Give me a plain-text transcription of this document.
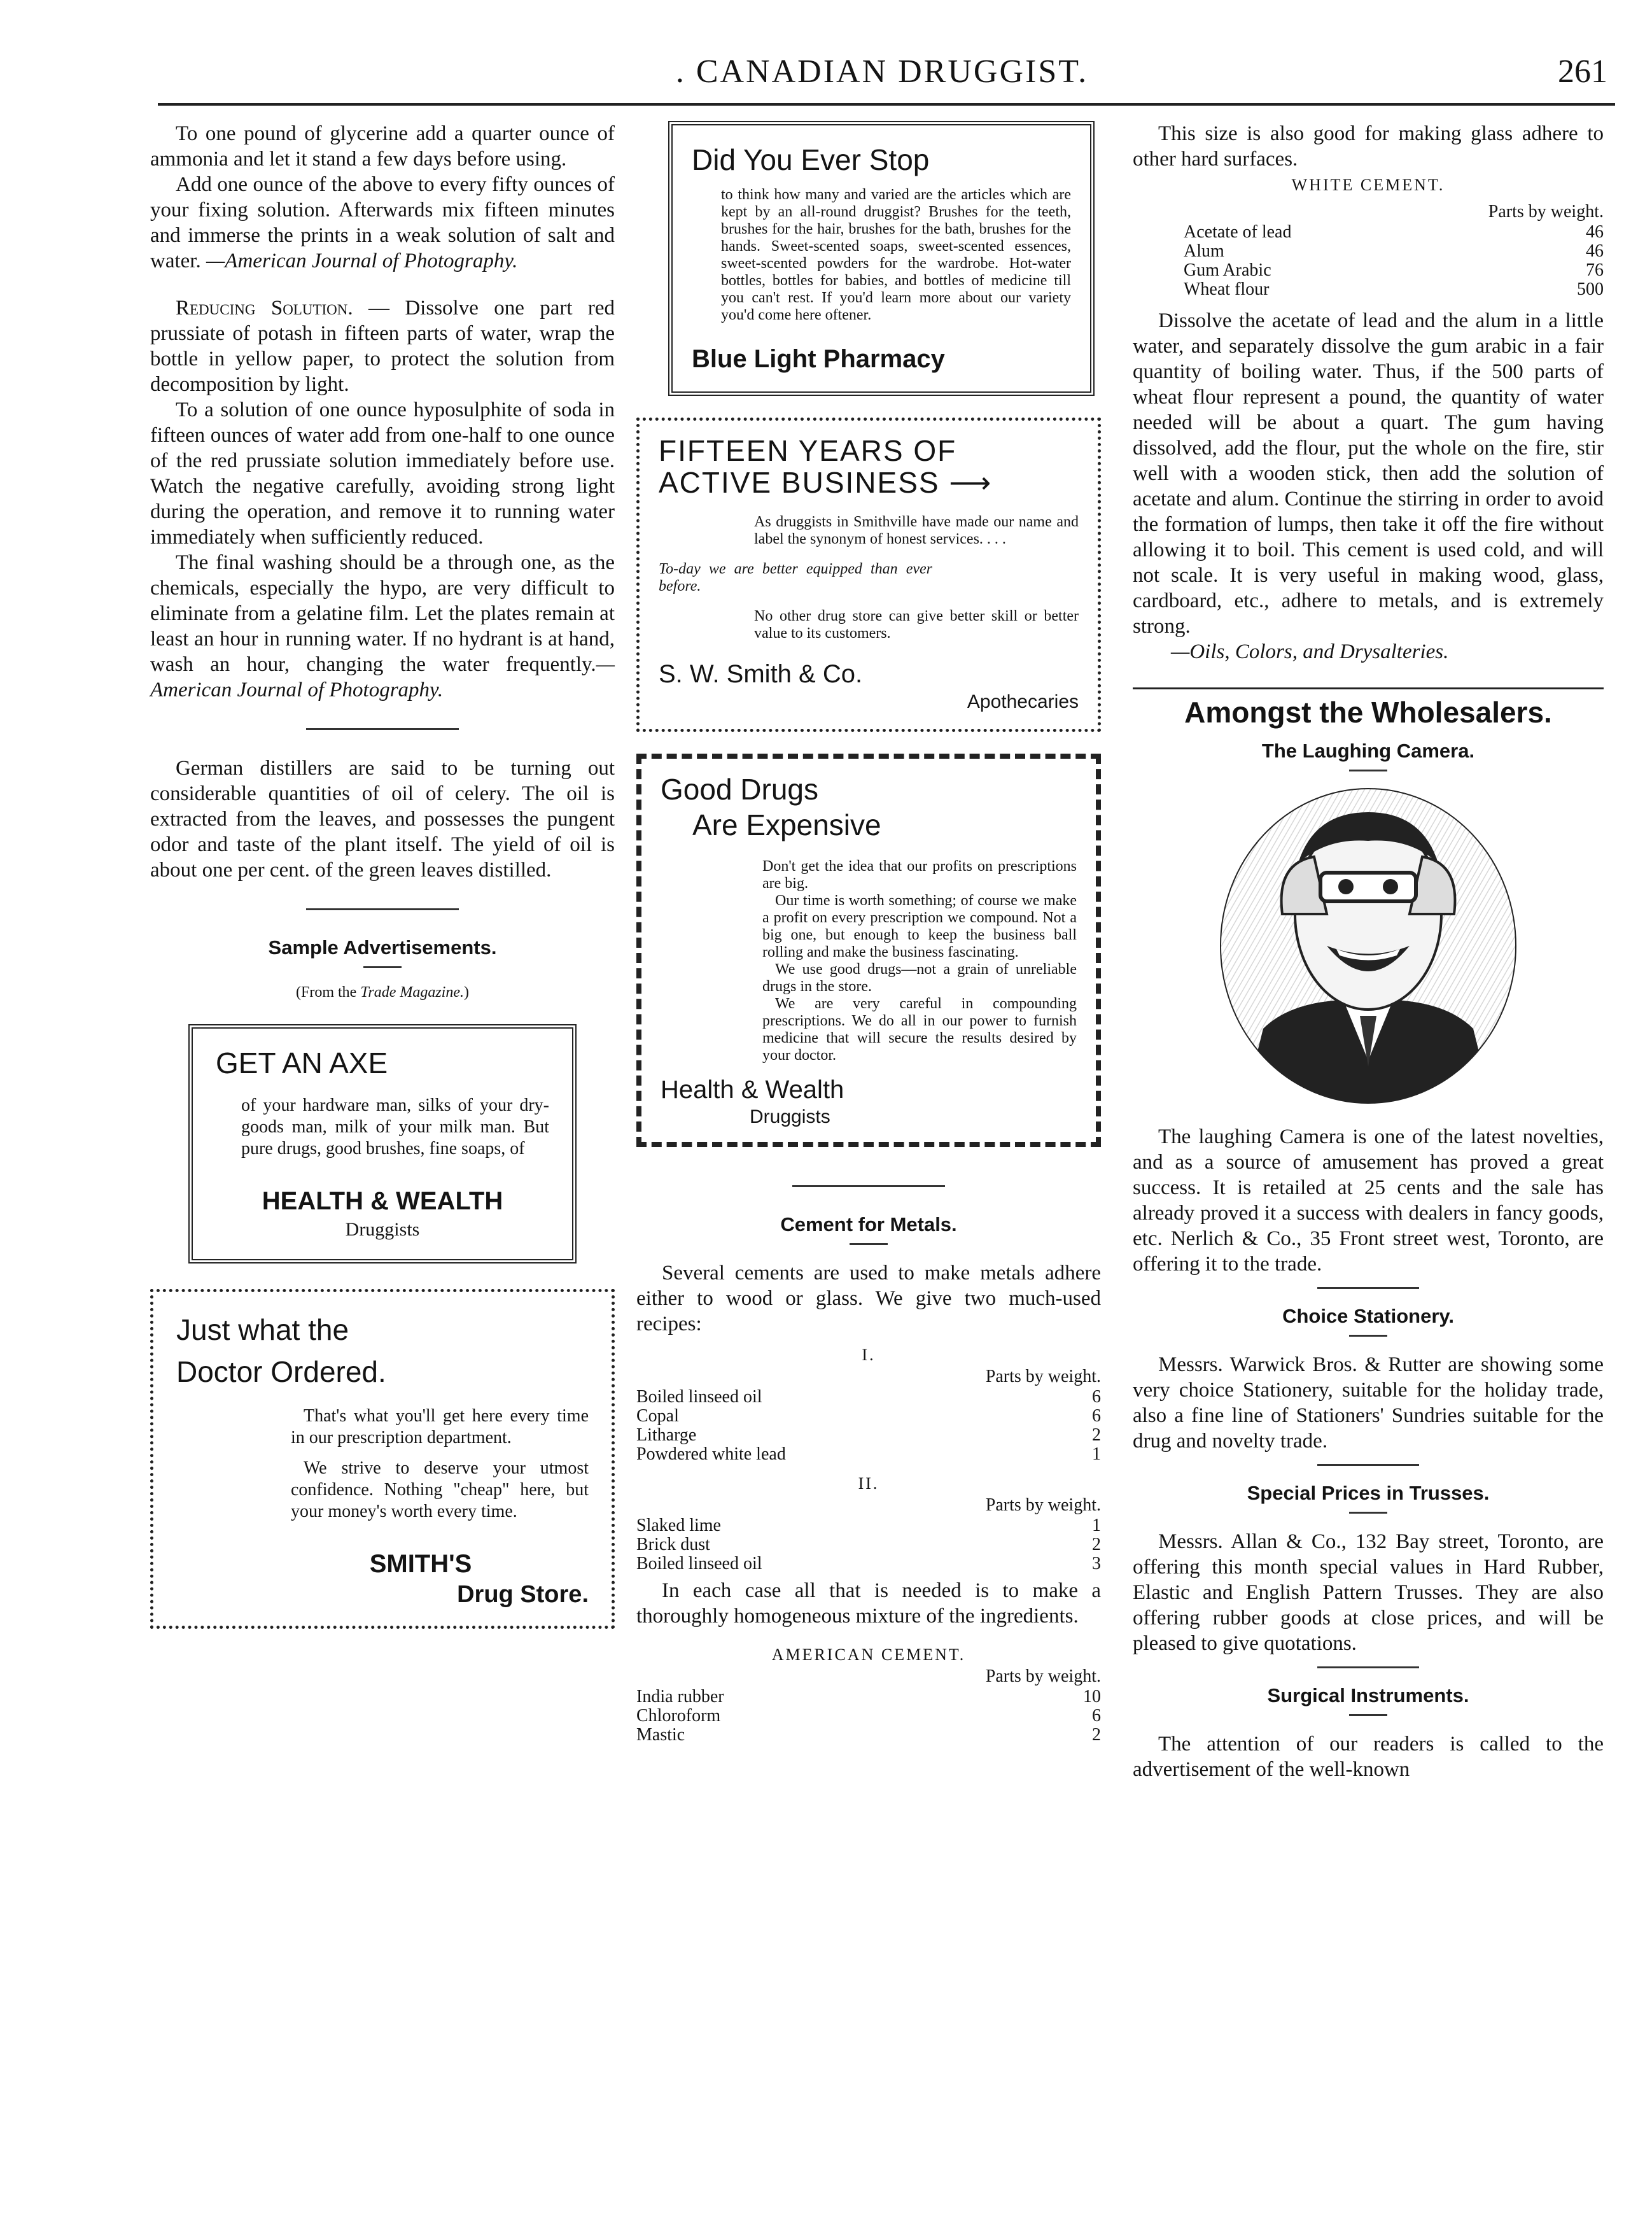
. CANADIAN DRUGGIST.	261

To one pound of glycerine add a quarter ounce of ammonia and let it stand a few days before using.

Add one ounce of the above to every fifty ounces of your fixing solution. Afterwards mix fifteen minutes and immerse the prints in a weak solution of salt and water. —American Journal of Photography.

Reducing Solution. — Dissolve one part red prussiate of potash in fifteen parts of water, wrap the bottle in yellow paper, to protect the solution from decomposition by light.

To a solution of one ounce hyposulphite of soda in fifteen ounces of water add from one-half to one ounce of the red prussiate solution immediately before use. Watch the negative carefully, avoiding strong light during the operation, and remove it to running water immediately when sufficiently reduced.

The final washing should be a through one, as the chemicals, especially the hypo, are very difficult to eliminate from a gelatine film. Let the plates remain at least an hour in running water. If no hydrant is at hand, wash an hour, changing the water frequently.—American Journal of Photography.

German distillers are said to be turning out considerable quantities of oil of celery. The oil is extracted from the leaves, and possesses the pungent odor and taste of the plant itself. The yield of oil is about one per cent. of the green leaves distilled.

Sample Advertisements.

(From the Trade Magazine.)

GET AN AXE

of your hardware man, silks of your dry-goods man, milk of your milk man. But pure drugs, good brushes, fine soaps, of

HEALTH & WEALTH

Druggists

Just what the

Doctor Ordered.

That's what you'll get here every time in our prescription department.

We strive to deserve your utmost confidence. Nothing "cheap" here, but your money's worth every time.

SMITH'S

Drug Store.

Did You Ever Stop

to think how many and varied are the articles which are kept by an all-round druggist? Brushes for the teeth, brushes for the hair, brushes for the bath, brushes for the hands. Sweet-scented soaps, sweet-scented essences, sweet-scented powders for the wardrobe. Hot-water bottles, bottles for babies, and bottles of medicine till you can't rest. If you'd learn more about our variety you'd come here oftener.

Blue Light Pharmacy

FIFTEEN YEARS OF

ACTIVE BUSINESS ⟶

As druggists in Smithville have made our name and label the synonym of honest services. . . .

To-day we are better equipped than ever before.

No other drug store can give better skill or better value to its customers.

S. W. Smith & Co.

Apothecaries

Good Drugs

Are Expensive

Don't get the idea that our profits on prescriptions are big.

Our time is worth something; of course we make a profit on every prescription we compound. Not a big one, but enough to keep the business ball rolling and make the business fascinating.

We use good drugs—not a grain of unreliable drugs in the store.

We are very careful in compounding prescriptions. We do all in our power to furnish medicine that will secure the results desired by your doctor.

Health & Wealth

Druggists

Cement for Metals.

Several cements are used to make metals adhere either to wood or glass. We give two much-used recipes:

I.

Parts by weight.

Boiled linseed oil		6
Copal		6
Litharge		2
Powdered white lead		1

II.

Parts by weight.

Slaked lime		1
Brick dust		2
Boiled linseed oil		3

In each case all that is needed is to make a thoroughly homogeneous mixture of the ingredients.

AMERICAN CEMENT.

Parts by weight.

India rubber		10
Chloroform		6
Mastic		2

This size is also good for making glass adhere to other hard surfaces.

WHITE CEMENT.

Parts by weight.

Acetate of lead		46
Alum		46
Gum Arabic		76
Wheat flour		500

Dissolve the acetate of lead and the alum in a little water, and separately dissolve the gum arabic in a fair quantity of boiling water. Thus, if the 500 parts of wheat flour represent a pound, the quantity of water needed will be about a quart. The gum having dissolved, add the flour, put the whole on the fire, stir well with a wooden stick, then add the solution of acetate and alum. Continue the stirring in order to avoid the formation of lumps, then take it off the fire without allowing it to boil. This cement is used cold, and will not scale. It is very useful in making wood, glass, cardboard, etc., adhere to metals, and is extremely strong.
—Oils, Colors, and Drysalteries.

Amongst the Wholesalers.

The Laughing Camera.

The laughing Camera is one of the latest novelties, and as a source of amusement has proved a great success. It is retailed at 25 cents and the sale has already proved it a success with dealers in fancy goods, etc. Nerlich & Co., 35 Front street west, Toronto, are offering it to the trade.

Choice Stationery.

Messrs. Warwick Bros. & Rutter are showing some very choice Stationery, suitable for the holiday trade, also a fine line of Stationers' Sundries suitable for the drug and novelty trade.

Special Prices in Trusses.

Messrs. Allan & Co., 132 Bay street, Toronto, are offering this month special values in Hard Rubber, Elastic and English Pattern Trusses. They are also offering rubber goods at close prices, and will be pleased to give quotations.

Surgical Instruments.

The attention of our readers is called to the advertisement of the well-known
